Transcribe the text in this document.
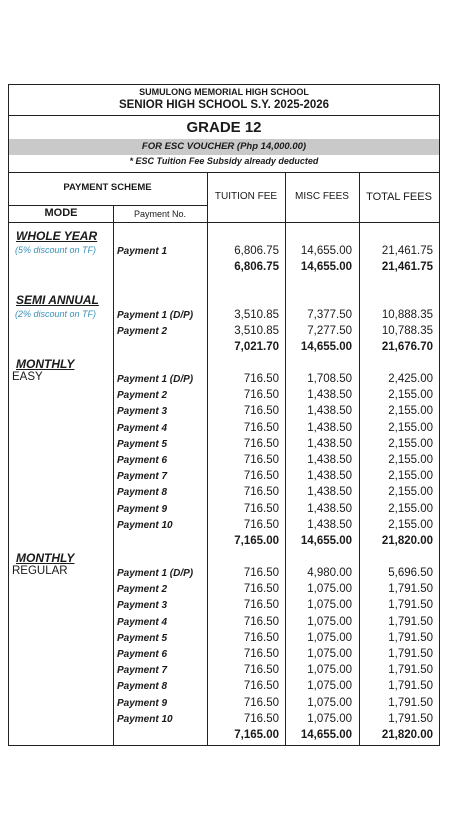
SUMULONG MEMORIAL HIGH SCHOOL
SENIOR HIGH SCHOOL S.Y. 2025-2026
GRADE 12
FOR ESC VOUCHER (Php 14,000.00)
* ESC Tuition Fee Subsidy already deducted
PAYMENT SCHEME
MODE	Payment No.
TUITION FEE	MISC FEES	TOTAL FEES
WHOLE YEAR
(5% discount on TF) Payment 1	6,806.75	14,655.00	21,461.75
6,806.75	14,655.00	21,461.75
SEMI ANNUAL
(2% discount on TF) Payment 1 (D/P)	3,510.85	7,377.50	10,888.35
Payment 2	3,510.85	7,277.50	10,788.35
7,021.70	14,655.00	21,676.70
MONTHLY
EASY	Payment 1 (D/P)	716.50	1,708.50	2,425.00
Payment 2	716.50	1,438.50	2,155.00
Payment 3	716.50	1,438.50	2,155.00
Payment 4	716.50	1,438.50	2,155.00
Payment 5	716.50	1,438.50	2,155.00
Payment 6	716.50	1,438.50	2,155.00
Payment 7	716.50	1,438.50	2,155.00
Payment 8	716.50	1,438.50	2,155.00
Payment 9	716.50	1,438.50	2,155.00
Payment 10	716.50	1,438.50	2,155.00
7,165.00	14,655.00	21,820.00
MONTHLY
REGULAR	Payment 1 (D/P)	716.50	4,980.00	5,696.50
Payment 2	716.50	1,075.00	1,791.50
Payment 3	716.50	1,075.00	1,791.50
Payment 4	716.50	1,075.00	1,791.50
Payment 5	716.50	1,075.00	1,791.50
Payment 6	716.50	1,075.00	1,791.50
Payment 7	716.50	1,075.00	1,791.50
Payment 8	716.50	1,075.00	1,791.50
Payment 9	716.50	1,075.00	1,791.50
Payment 10	716.50	1,075.00	1,791.50
7,165.00	14,655.00	21,820.00
